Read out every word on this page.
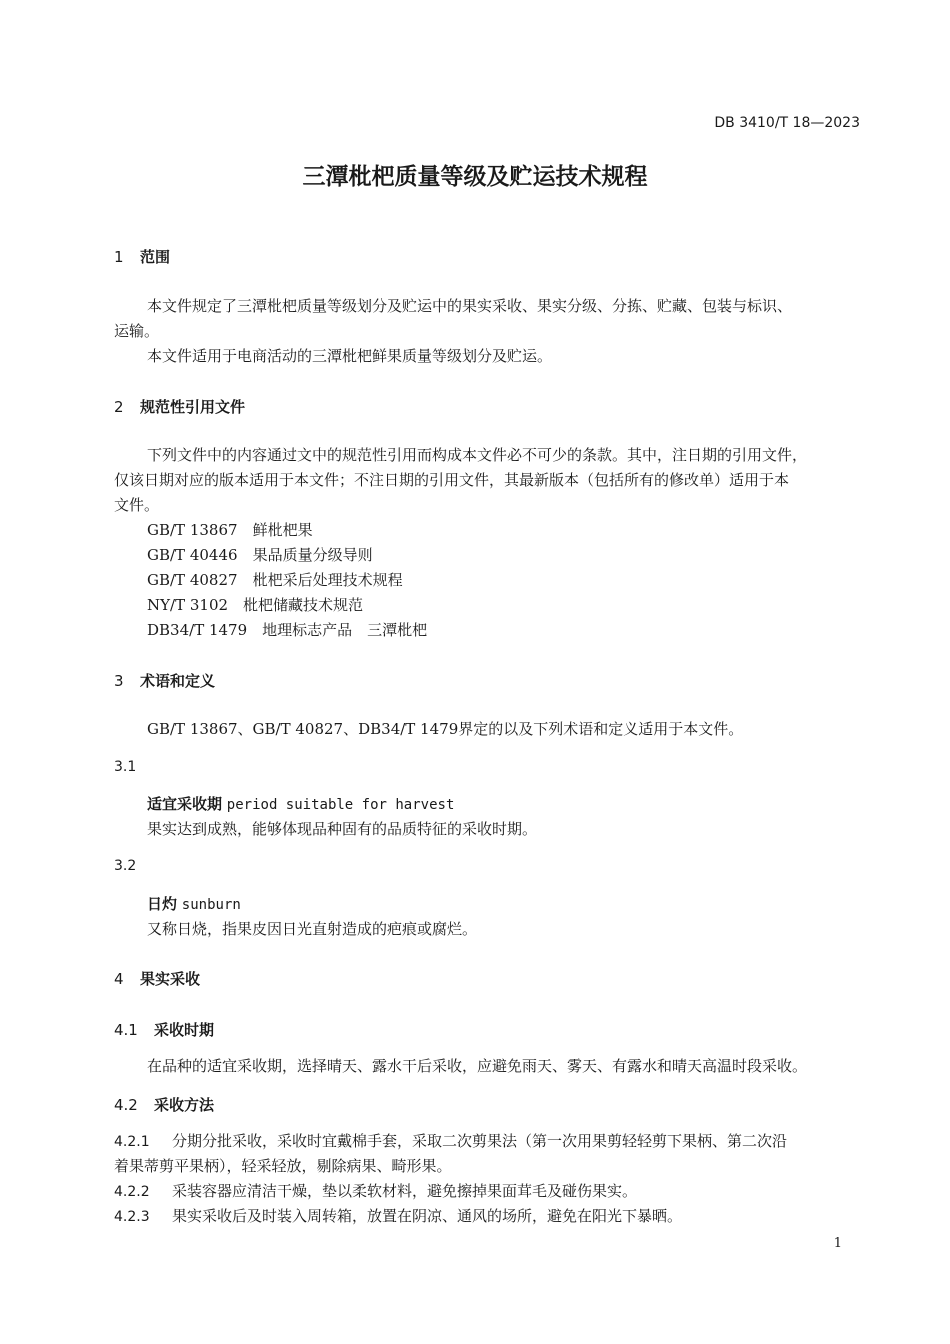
DB 3410/T 18—2023
三潭枇杷质量等级及贮运技术规程
1 范围
本文件规定了三潭枇杷质量等级划分及贮运中的果实采收、果实分级、分拣、贮藏、包装与标识、
运输。
本文件适用于电商活动的三潭枇杷鲜果质量等级划分及贮运。
2 规范性引用文件
下列文件中的内容通过文中的规范性引用而构成本文件必不可少的条款。其中，注日期的引用文件，
仅该日期对应的版本适用于本文件；不注日期的引用文件，其最新版本（包括所有的修改单）适用于本
文件。
GB/T 13867　 鲜枇杷果
GB/T 40446　 果品质量分级导则
GB/T 40827　 枇杷采后处理技术规程
NY/T 3102　 枇杷储藏技术规范
DB34/T 1479　 地理标志产品　三潭枇杷
3 术语和定义
GB/T 13867、GB/T 40827、DB34/T 1479界定的以及下列术语和定义适用于本文件。
3.1
适宜采收期 period suitable for harvest
果实达到成熟，能够体现品种固有的品质特征的采收时期。
3.2
日灼 sunburn
又称日烧，指果皮因日光直射造成的疤痕或腐烂。
4 果实采收
4.1 采收时期
在品种的适宜采收期，选择晴天、露水干后采收，应避免雨天、雾天、有露水和晴天高温时段采收。
4.2 采收方法
4.2.1 分期分批采收，采收时宜戴棉手套，采取二次剪果法（第一次用果剪轻轻剪下果柄、第二次沿
着果蒂剪平果柄），轻采轻放，剔除病果、畸形果。
4.2.2 采装容器应清洁干燥，垫以柔软材料，避免擦掉果面茸毛及碰伤果实。
4.2.3 果实采收后及时装入周转箱，放置在阴凉、通风的场所，避免在阳光下暴晒。
1
